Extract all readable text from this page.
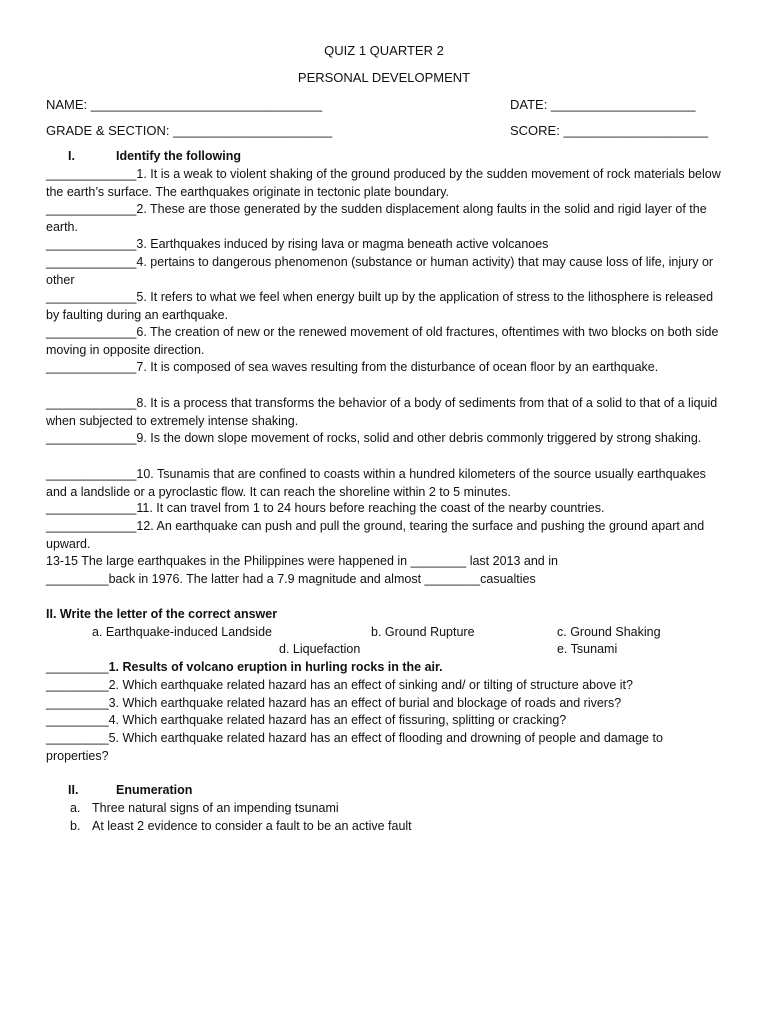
QUIZ 1 QUARTER 2
PERSONAL DEVELOPMENT
NAME: ________________________________	DATE: ____________________
GRADE & SECTION: ______________________	SCORE: ____________________
I.	Identify the following
_____________1. It is a weak to violent shaking of the ground produced by the sudden movement of rock materials below the earth’s surface. The earthquakes originate in tectonic plate boundary.
_____________2. These are those generated by the sudden displacement along faults in the solid and rigid layer of the earth.
_____________3. Earthquakes induced by rising lava or magma beneath active volcanoes
_____________4. pertains to dangerous phenomenon (substance or human activity) that may cause loss of life, injury or other
_____________5. It refers to what we feel when energy built up by the application of stress to the lithosphere is released by faulting during an earthquake.
_____________6. The creation of new or the renewed movement of old fractures, oftentimes with two blocks on both side moving in opposite direction.
_____________7. It is composed of sea waves resulting from the disturbance of ocean floor by an earthquake.
_____________8. It is a process that transforms the behavior of a body of sediments from that of a solid to that of a liquid when subjected to extremely intense shaking.
_____________9. Is the down slope movement of rocks, solid and other debris commonly triggered by strong shaking.
_____________10. Tsunamis that are confined to coasts within a hundred kilometers of the source usually earthquakes and a landslide or a pyroclastic flow. It can reach the shoreline within 2 to 5 minutes.
_____________11. It can travel from 1 to 24 hours before reaching the coast of the nearby countries.
_____________12. An earthquake can push and pull the ground, tearing the surface and pushing the ground apart and upward.
13-15 The large earthquakes in the Philippines were happened in ________ last 2013 and in
_________back in 1976. The latter had a 7.9 magnitude and almost ________casualties
II. Write the letter of the correct answer
a. Earthquake-induced Landside	b. Ground Rupture	c. Ground Shaking
d. Liquefaction	e. Tsunami
_________1. Results of volcano eruption in hurling rocks in the air.
_________2. Which earthquake related hazard has an effect of sinking and/ or tilting of structure above it?
_________3. Which earthquake related hazard has an effect of burial and blockage of roads and rivers?
_________4. Which earthquake related hazard has an effect of fissuring, splitting or cracking?
_________5. Which earthquake related hazard has an effect of flooding and drowning of people and damage to properties?
II.	Enumeration
a. Three natural signs of an impending tsunami
b. At least 2 evidence to consider a fault to be an active fault
